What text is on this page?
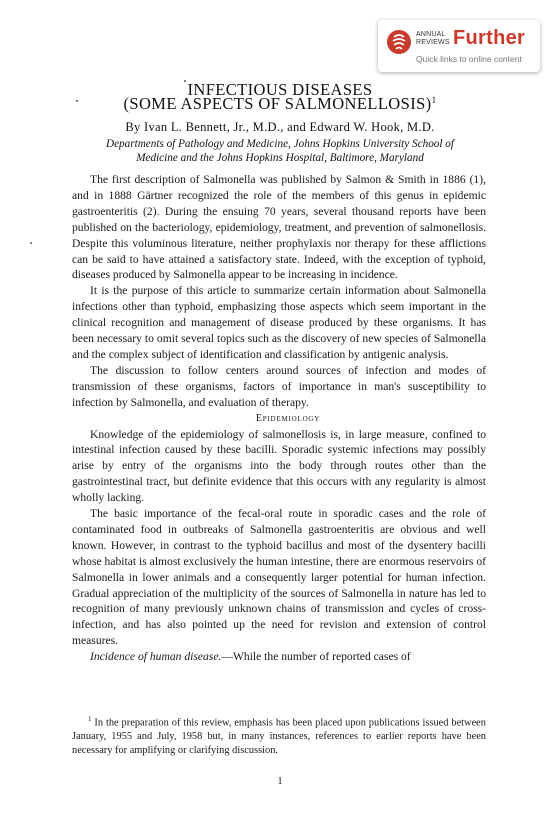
ANNUAL
REVIEWS Further
Quick links to online content
INFECTIOUS DISEASES
(SOME ASPECTS OF SALMONELLOSIS)$^1$
By Ivan L. Bennett, Jr., M.D., and Edward W. Hook, M.D.
Departments of Pathology and Medicine, Johns Hopkins University School of
Medicine and the Johns Hopkins Hospital, Baltimore, Maryland

The first description of Salmonella was published by Salmon & Smith in 1886 (1), and in 1888 Gärtner recognized the role of the members of this genus in epidemic gastroenteritis (2). During the ensuing 70 years, several thousand reports have been published on the bacteriology, epidemiology, treatment, and prevention of salmonellosis. Despite this voluminous literature, neither prophylaxis nor therapy for these afflictions can be said to have attained a satisfactory state. Indeed, with the exception of typhoid, diseases produced by Salmonella appear to be increasing in incidence.

It is the purpose of this article to summarize certain information about Salmonella infections other than typhoid, emphasizing those aspects which seem important in the clinical recognition and management of disease produced by these organisms. It has been necessary to omit several topics such as the discovery of new species of Salmonella and the complex subject of identification and classification by antigenic analysis.

The discussion to follow centers around sources of infection and modes of transmission of these organisms, factors of importance in man's susceptibility to infection by Salmonella, and evaluation of therapy.

Epidemiology

Knowledge of the epidemiology of salmonellosis is, in large measure, confined to intestinal infection caused by these bacilli. Sporadic systemic infections may possibly arise by entry of the organisms into the body through routes other than the gastrointestinal tract, but definite evidence that this occurs with any regularity is almost wholly lacking.

The basic importance of the fecal-oral route in sporadic cases and the role of contaminated food in outbreaks of Salmonella gastroenteritis are obvious and well known. However, in contrast to the typhoid bacillus and most of the dysentery bacilli whose habitat is almost exclusively the human intestine, there are enormous reservoirs of Salmonella in lower animals and a consequently larger potential for human infection. Gradual appreciation of the multiplicity of the sources of Salmonella in nature has led to recognition of many previously unknown chains of transmission and cycles of cross-infection, and has also pointed up the need for revision and extension of control measures.

Incidence of human disease.—While the number of reported cases of

$^1$ In the preparation of this review, emphasis has been placed upon publications issued between January, 1955 and July, 1958 but, in many instances, references to earlier reports have been necessary for amplifying or clarifying discussion.

1
